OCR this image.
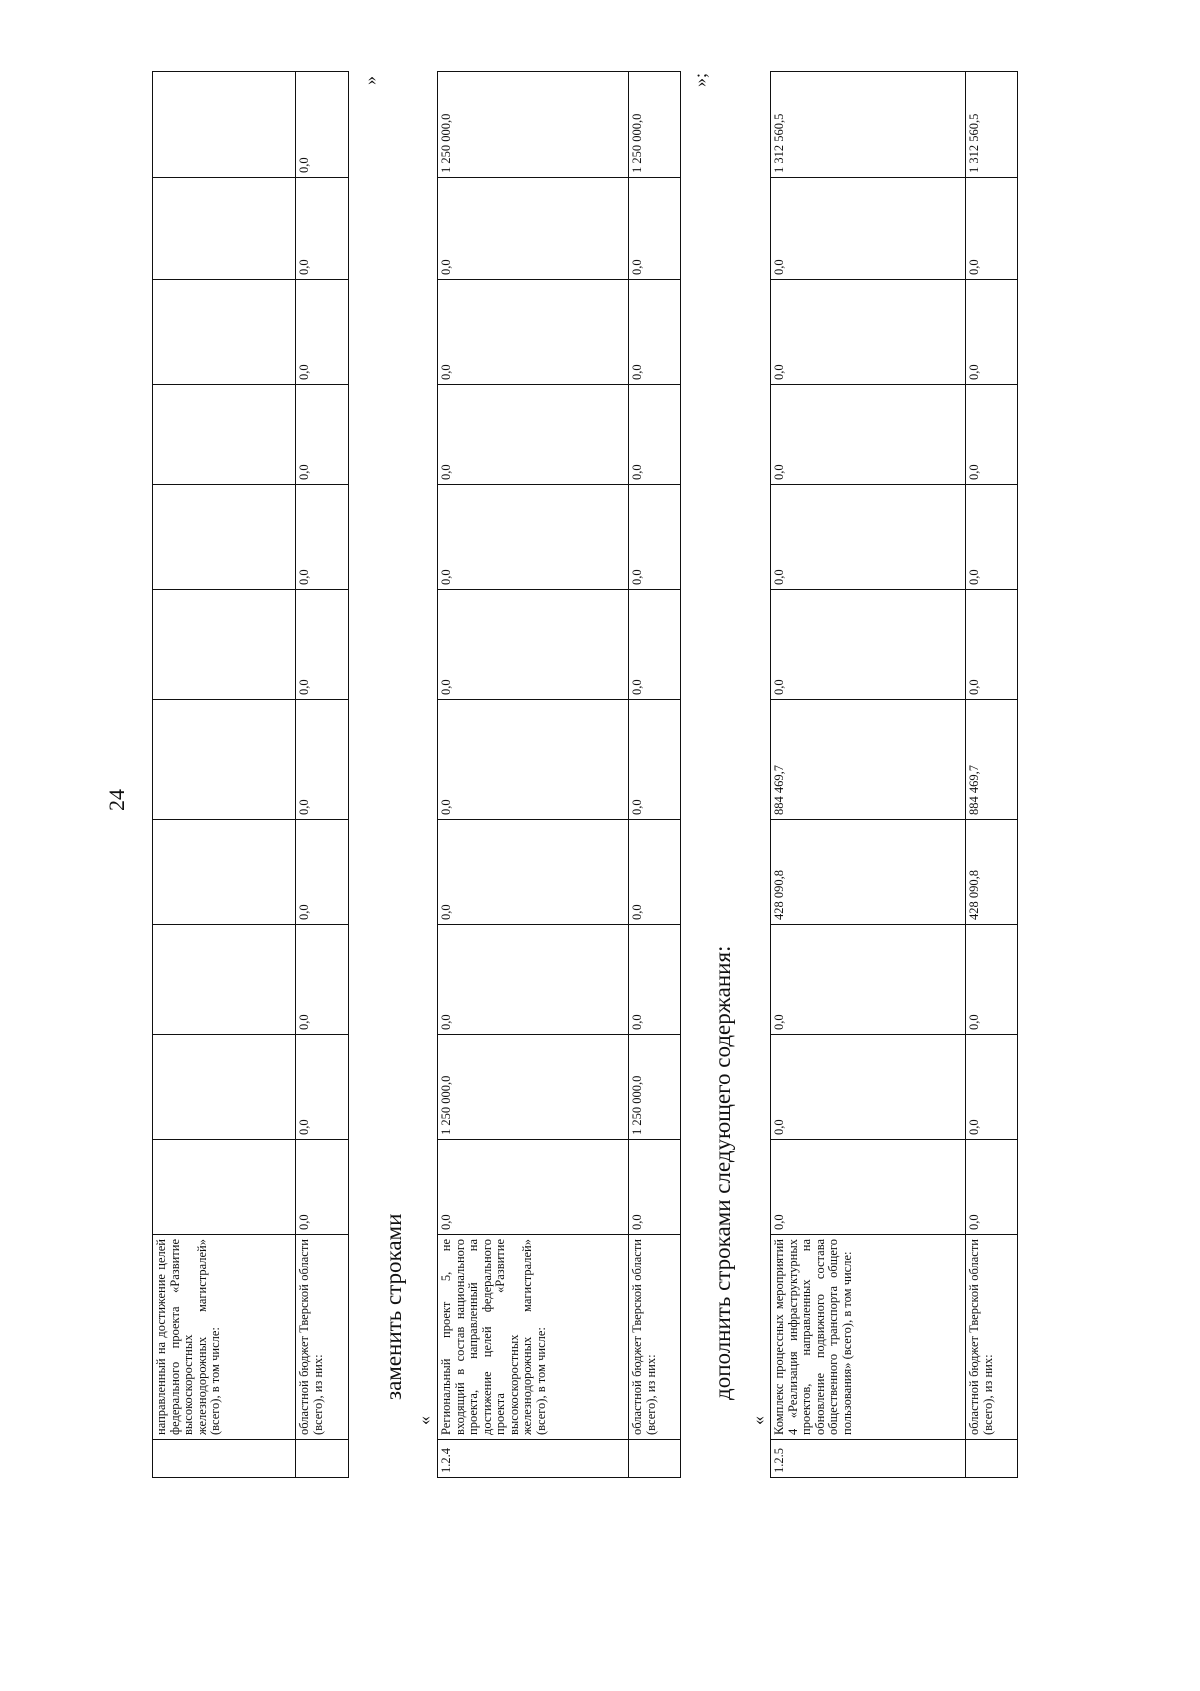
24
	направленный на достижение целей федерального проекта «Развитие высокоскоростных железнодорожных магистралей» (всего), в том числе:											
	областной бюджет Тверской области (всего), из них:	0,0	0,0	0,0	0,0	0,0	0,0	0,0	0,0	0,0	0,0	0,0
»
заменить строками
«
1.2.4	Региональный проект 5, не входящий в состав национального проекта, направленный на достижение целей федерального проекта «Развитие высокоскоростных железнодорожных магистралей» (всего), в том числе:	0,0	1 250 000,0	0,0	0,0	0,0	0,0	0,0	0,0	0,0	0,0	1 250 000,0
	областной бюджет Тверской области (всего), из них:	0,0	1 250 000,0	0,0	0,0	0,0	0,0	0,0	0,0	0,0	0,0	1 250 000,0
»;
дополнить строками следующего содержания:
«
1.2.5	Комплекс процессных мероприятий 4 «Реализация инфраструктурных проектов, направленных на обновление подвижного состава общественного транспорта общего пользования» (всего), в том числе:	0,0	0,0	0,0	428 090,8	884 469,7	0,0	0,0	0,0	0,0	0,0	1 312 560,5
	областной бюджет Тверской области (всего), из них:	0,0	0,0	0,0	428 090,8	884 469,7	0,0	0,0	0,0	0,0	0,0	1 312 560,5
